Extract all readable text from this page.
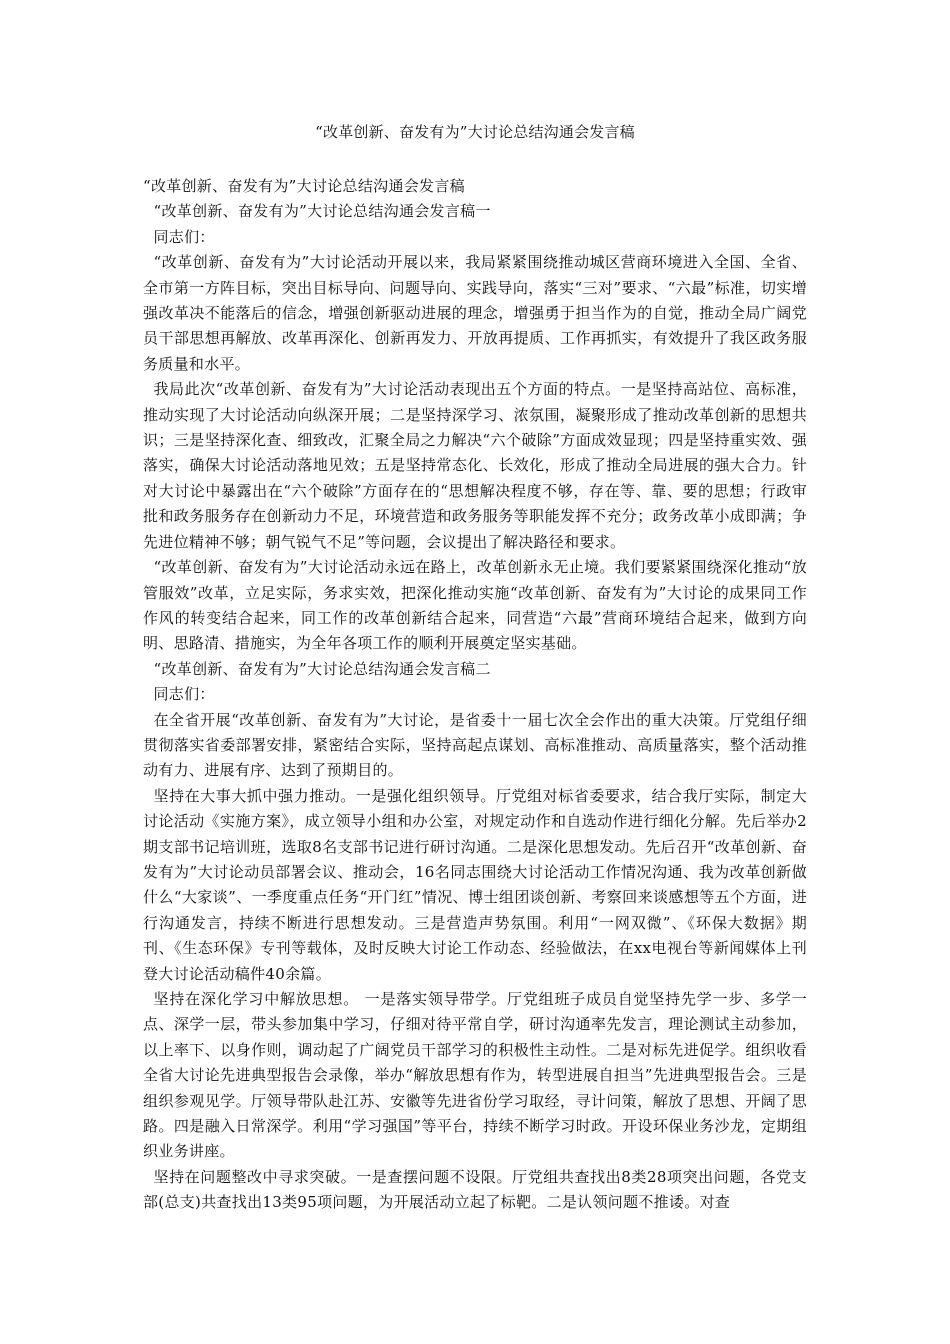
“改革创新、奋发有为”大讨论总结沟通会发言稿

“改革创新、奋发有为”大讨论总结沟通会发言稿

“改革创新、奋发有为”大讨论总结沟通会发言稿一

同志们：

“改革创新、奋发有为”大讨论活动开展以来，我局紧紧围绕推动城区营商环境进入全国、全省、全市第一方阵目标，突出目标导向、问题导向、实践导向，落实“三对”要求、“六最”标准，切实增强改革决不能落后的信念，增强创新驱动进展的理念，增强勇于担当作为的自觉，推动全局广阔党员干部思想再解放、改革再深化、创新再发力、开放再提质、工作再抓实，有效提升了我区政务服务质量和水平。

我局此次“改革创新、奋发有为”大讨论活动表现出五个方面的特点。一是坚持高站位、高标准，推动实现了大讨论活动向纵深开展；二是坚持深学习、浓氛围，凝聚形成了推动改革创新的思想共识；三是坚持深化查、细致改，汇聚全局之力解决“六个破除”方面成效显现；四是坚持重实效、强落实，确保大讨论活动落地见效；五是坚持常态化、长效化，形成了推动全局进展的强大合力。针对大讨论中暴露出在“六个破除”方面存在的“思想解决程度不够，存在等、靠、要的思想；行政审批和政务服务存在创新动力不足，环境营造和政务服务等职能发挥不充分；政务改革小成即满；争先进位精神不够；朝气锐气不足”等问题，会议提出了解决路径和要求。

“改革创新、奋发有为”大讨论活动永远在路上，改革创新永无止境。我们要紧紧围绕深化推动“放管服效”改革，立足实际，务求实效，把深化推动实施“改革创新、奋发有为”大讨论的成果同工作作风的转变结合起来，同工作的改革创新结合起来，同营造“六最”营商环境结合起来，做到方向明、思路清、措施实，为全年各项工作的顺利开展奠定坚实基础。

“改革创新、奋发有为”大讨论总结沟通会发言稿二

同志们：

在全省开展“改革创新、奋发有为”大讨论，是省委十一届七次全会作出的重大决策。厅党组仔细贯彻落实省委部署安排，紧密结合实际，坚持高起点谋划、高标准推动、高质量落实，整个活动推动有力、进展有序、达到了预期目的。

坚持在大事大抓中强力推动。一是强化组织领导。厅党组对标省委要求，结合我厅实际，制定大讨论活动《实施方案》，成立领导小组和办公室，对规定动作和自选动作进行细化分解。先后举办2期支部书记培训班，选取8名支部书记进行研讨沟通。二是深化思想发动。先后召开“改革创新、奋发有为”大讨论动员部署会议、推动会，16名同志围绕大讨论活动工作情况沟通、我为改革创新做什么“大家谈”、一季度重点任务“开门红”情况、博士组团谈创新、考察回来谈感想等五个方面，进行沟通发言，持续不断进行思想发动。三是营造声势氛围。利用“一网双微”、《环保大数据》期刊、《生态环保》专刊等载体，及时反映大讨论工作动态、经验做法，在xx电视台等新闻媒体上刊登大讨论活动稿件40余篇。

坚持在深化学习中解放思想。 一是落实领导带学。厅党组班子成员自觉坚持先学一步、多学一点、深学一层，带头参加集中学习，仔细对待平常自学，研讨沟通率先发言，理论测试主动参加，以上率下、以身作则，调动起了广阔党员干部学习的积极性主动性。二是对标先进促学。组织收看全省大讨论先进典型报告会录像，举办“解放思想有作为，转型进展自担当”先进典型报告会。三是组织参观见学。厅领导带队赴江苏、安徽等先进省份学习取经，寻计问策，解放了思想、开阔了思路。四是融入日常深学。利用“学习强国”等平台，持续不断学习时政。开设环保业务沙龙，定期组织业务讲座。

坚持在问题整改中寻求突破。一是查摆问题不设限。厅党组共查找出8类28项突出问题，各党支部(总支)共查找出13类95项问题，为开展活动立起了标靶。二是认领问题不推诿。对查
